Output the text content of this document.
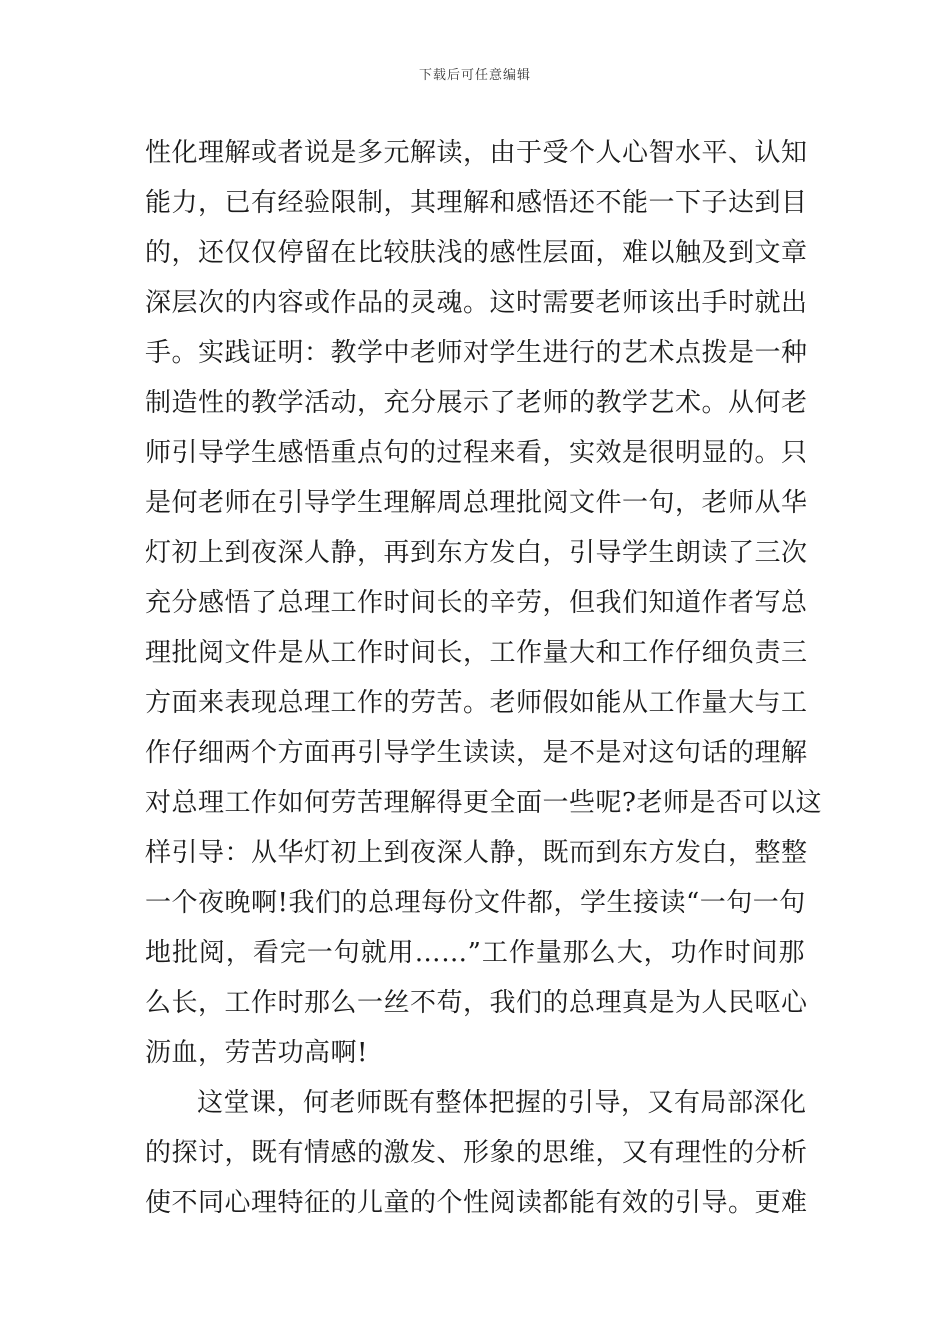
下载后可任意编辑
性化理解或者说是多元解读，由于受个人心智水平、认知
能力，已有经验限制，其理解和感悟还不能一下子达到目
的，还仅仅停留在比较肤浅的感性层面，难以触及到文章
深层次的内容或作品的灵魂。这时需要老师该出手时就出
手。实践证明：教学中老师对学生进行的艺术点拨是一种
制造性的教学活动，充分展示了老师的教学艺术。从何老
师引导学生感悟重点句的过程来看，实效是很明显的。只
是何老师在引导学生理解周总理批阅文件一句，老师从华
灯初上到夜深人静，再到东方发白，引导学生朗读了三次
充分感悟了总理工作时间长的辛劳，但我们知道作者写总
理批阅文件是从工作时间长，工作量大和工作仔细负责三
方面来表现总理工作的劳苦。老师假如能从工作量大与工
作仔细两个方面再引导学生读读，是不是对这句话的理解
对总理工作如何劳苦理解得更全面一些呢?老师是否可以这
样引导：从华灯初上到夜深人静，既而到东方发白，整整
一个夜晚啊!我们的总理每份文件都，学生接读“一句一句
地批阅，看完一句就用……”工作量那么大，功作时间那
么长，工作时那么一丝不苟，我们的总理真是为人民呕心
沥血，劳苦功高啊!
这堂课，何老师既有整体把握的引导，又有局部深化
的探讨，既有情感的激发、形象的思维，又有理性的分析
使不同心理特征的儿童的个性阅读都能有效的引导。更难
